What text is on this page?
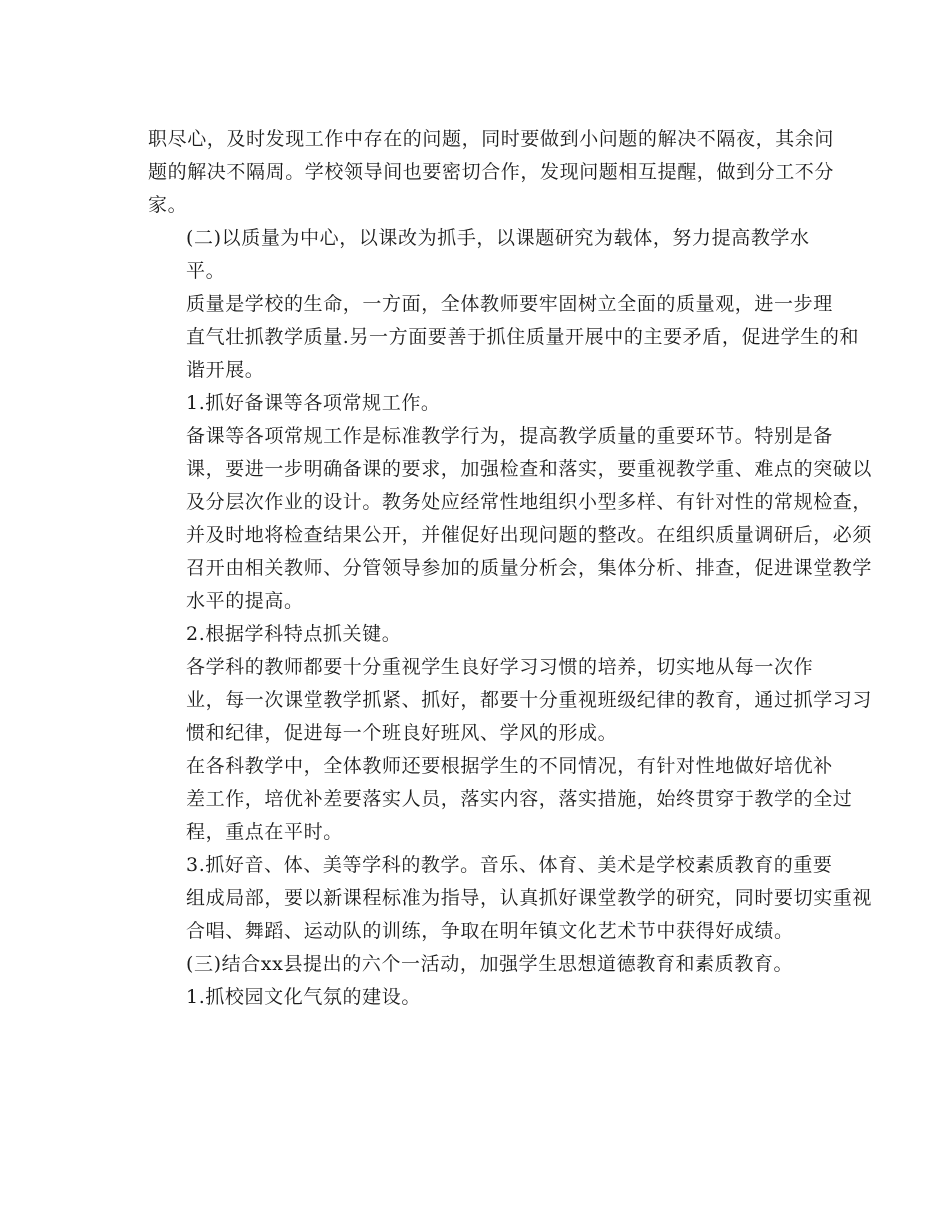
职尽心，及时发现工作中存在的问题，同时要做到小问题的解决不隔夜，其余问
题的解决不隔周。学校领导间也要密切合作，发现问题相互提醒，做到分工不分
家。

(二)以质量为中心，以课改为抓手，以课题研究为载体，努力提高教学水
平。

质量是学校的生命，一方面，全体教师要牢固树立全面的质量观，进一步理
直气壮抓教学质量.另一方面要善于抓住质量开展中的主要矛盾，促进学生的和
谐开展。

1.抓好备课等各项常规工作。

备课等各项常规工作是标准教学行为，提高教学质量的重要环节。特别是备
课，要进一步明确备课的要求，加强检查和落实，要重视教学重、难点的突破以
及分层次作业的设计。教务处应经常性地组织小型多样、有针对性的常规检查，
并及时地将检查结果公开，并催促好出现问题的整改。在组织质量调研后，必须
召开由相关教师、分管领导参加的质量分析会，集体分析、排查，促进课堂教学
水平的提高。

2.根据学科特点抓关键。

各学科的教师都要十分重视学生良好学习习惯的培养，切实地从每一次作
业，每一次课堂教学抓紧、抓好，都要十分重视班级纪律的教育，通过抓学习习
惯和纪律，促进每一个班良好班风、学风的形成。

在各科教学中，全体教师还要根据学生的不同情况，有针对性地做好培优补
差工作，培优补差要落实人员，落实内容，落实措施，始终贯穿于教学的全过
程，重点在平时。

3.抓好音、体、美等学科的教学。音乐、体育、美术是学校素质教育的重要
组成局部，要以新课程标准为指导，认真抓好课堂教学的研究，同时要切实重视
合唱、舞蹈、运动队的训练，争取在明年镇文化艺术节中获得好成绩。

(三)结合xx县提出的六个一活动，加强学生思想道德教育和素质教育。

1.抓校园文化气氛的建设。
